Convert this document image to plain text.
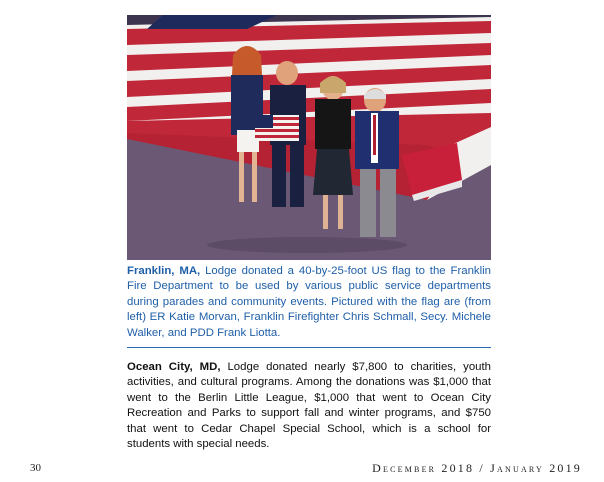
Franklin, MA, Lodge donated a 40-by-25-foot US flag to the Franklin Fire Department to be used by various public service departments during parades and community events. Pictured with the flag are (from left) ER Katie Morvan, Franklin Firefighter Chris Schmall, Secy. Michele Walker, and PDD Frank Liotta.

Ocean City, MD, Lodge donated nearly $7,800 to charities, youth activities, and cultural programs. Among the donations was $1,000 that went to the Berlin Little League, $1,000 that went to Ocean City Recreation and Parks to support fall and winter programs, and $750 that went to Cedar Chapel Special School, which is a school for students with special needs.

30	December 2018 / January 2019
